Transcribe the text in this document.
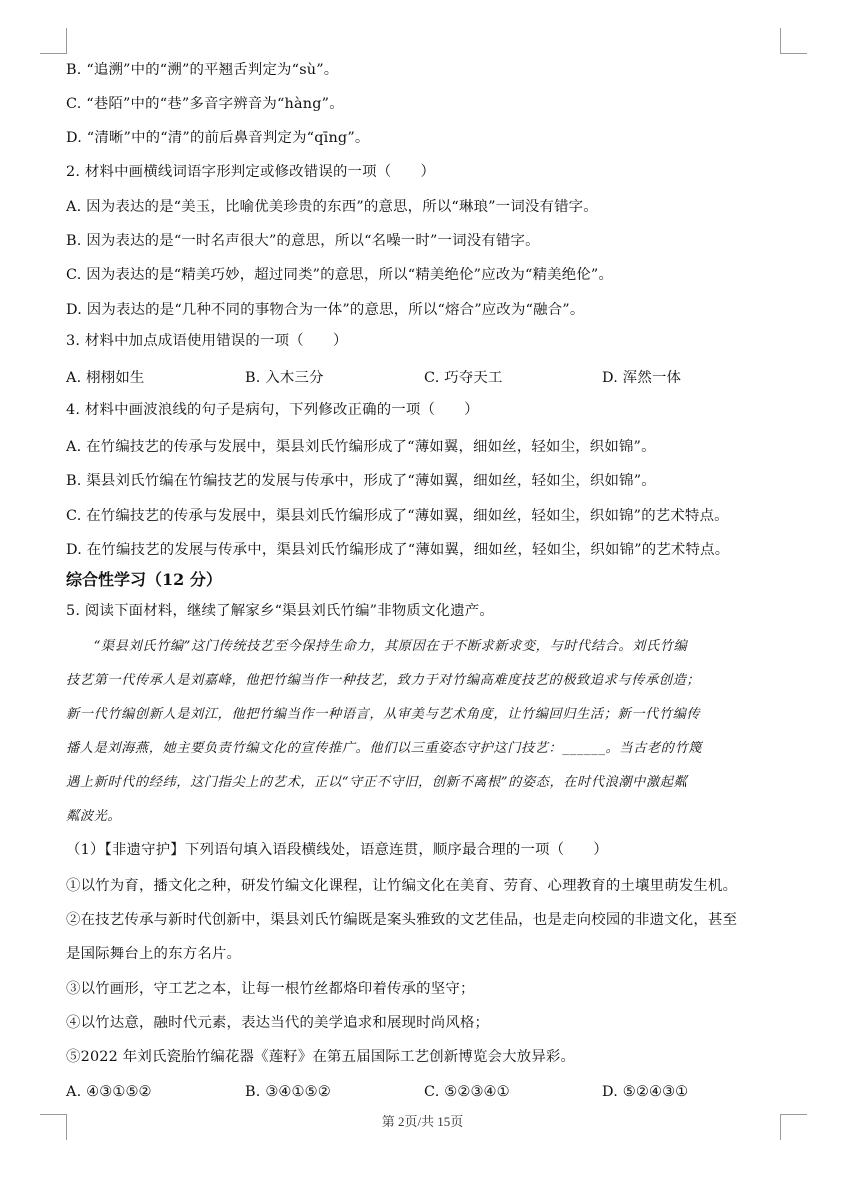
B. “追溯”中的“溯”的平翘舌判定为“sù”。
C. “巷陌”中的“巷”多音字辨音为“hàng”。
D. “清晰”中的“清”的前后鼻音判定为“qīng”。
2. 材料中画横线词语字形判定或修改错误的一项（　　）
A. 因为表达的是“美玉，比喻优美珍贵的东西”的意思，所以“琳琅”一词没有错字。
B. 因为表达的是“一时名声很大”的意思，所以“名噪一时”一词没有错字。
C. 因为表达的是“精美巧妙，超过同类”的意思，所以“精美绝伦”应改为“精美绝伦”。
D. 因为表达的是“几种不同的事物合为一体”的意思，所以“熔合”应改为“融合”。
3. 材料中加点成语使用错误的一项（　　）
A. 栩栩如生	B. 入木三分	C. 巧夺天工	D. 浑然一体
4. 材料中画波浪线的句子是病句，下列修改正确的一项（　　）
A. 在竹编技艺的传承与发展中，渠县刘氏竹编形成了“薄如翼，细如丝，轻如尘，织如锦”。
B. 渠县刘氏竹编在竹编技艺的发展与传承中，形成了“薄如翼，细如丝，轻如尘，织如锦”。
C. 在竹编技艺的传承与发展中，渠县刘氏竹编形成了“薄如翼，细如丝，轻如尘，织如锦”的艺术特点。
D. 在竹编技艺的发展与传承中，渠县刘氏竹编形成了“薄如翼，细如丝，轻如尘，织如锦”的艺术特点。
综合性学习（12 分）
5. 阅读下面材料，继续了解家乡“渠县刘氏竹编”非物质文化遗产。
　　“渠县刘氏竹编”这门传统技艺至今保持生命力，其原因在于不断求新求变，与时代结合。刘氏竹编
技艺第一代传承人是刘嘉峰，他把竹编当作一种技艺，致力于对竹编高难度技艺的极致追求与传承创造；
新一代竹编创新人是刘江，他把竹编当作一种语言，从审美与艺术角度，让竹编回归生活；新一代竹编传
播人是刘海燕，她主要负责竹编文化的宣传推广。他们以三重姿态守护这门技艺：______。当古老的竹篾
遇上新时代的经纬，这门指尖上的艺术，正以“守正不守旧，创新不离根”的姿态，在时代浪潮中激起粼
粼波光。
（1）【非遗守护】下列语句填入语段横线处，语意连贯，顺序最合理的一项（　　）
①以竹为育，播文化之种，研发竹编文化课程，让竹编文化在美育、劳育、心理教育的土壤里萌发生机。
②在技艺传承与新时代创新中，渠县刘氏竹编既是案头雅致的文艺佳品，也是走向校园的非遗文化，甚至
是国际舞台上的东方名片。
③以竹画形，守工艺之本，让每一根竹丝都烙印着传承的坚守；
④以竹达意，融时代元素，表达当代的美学追求和展现时尚风格；
⑤2022 年刘氏瓷胎竹编花器《莲籽》在第五届国际工艺创新博览会大放异彩。
A. ④③①⑤②	B. ③④①⑤②	C. ⑤②③④①	D. ⑤②④③①
第 2页/共 15页
